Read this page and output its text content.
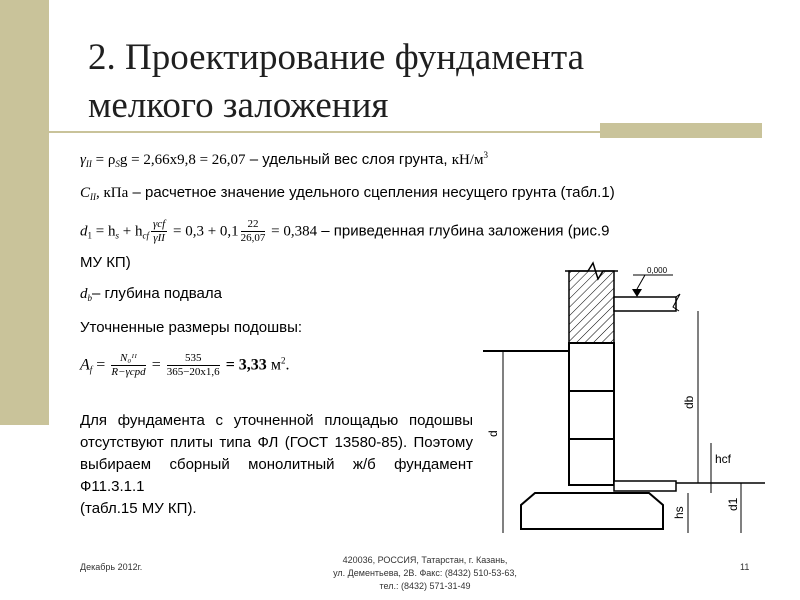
2. Проектирование фундамента
мелкого заложения
$\gamma_{II} = \rho_Sg = 2,66х9,8 = 26,07$ – удельный вес слоя грунта, $кН/м^3$
$C_{II}$, кПа – расчетное значение удельного сцепления несущего грунта (табл.1)
$d_1 = h_s + h_{cf} \frac{\text{γcf}}{\text{γII}} = 0,3 + 0,1 \frac{22}{26,07} = 0,384$ – приведенная глубина заложения (рис.9
МУ КП)
$d_b-$ глубина подвала
Уточненные размеры подошвы:
$A_f = \frac{\text{N₀ᴵᴵ}}{\text{R−γcpd}} = \frac{535}{365-20х1,6} = 3,33$ $м^2$.
Для фундамента с уточненной площадью подошвы отсутствуют плиты типа ФЛ (ГОСТ 13580-85). Поэтому выбираем сборный монолитный ж/б фундамент Ф11.3.1.1
(табл.15 МУ КП).
0,000
d
db
d1
hs
hcf
Декабрь 2012г.
420036, РОССИЯ, Татарстан, г. Казань,
ул. Дементьева, 2В. Факс: (8432) 510-53-63,
тел.: (8432) 571-31-49
11
